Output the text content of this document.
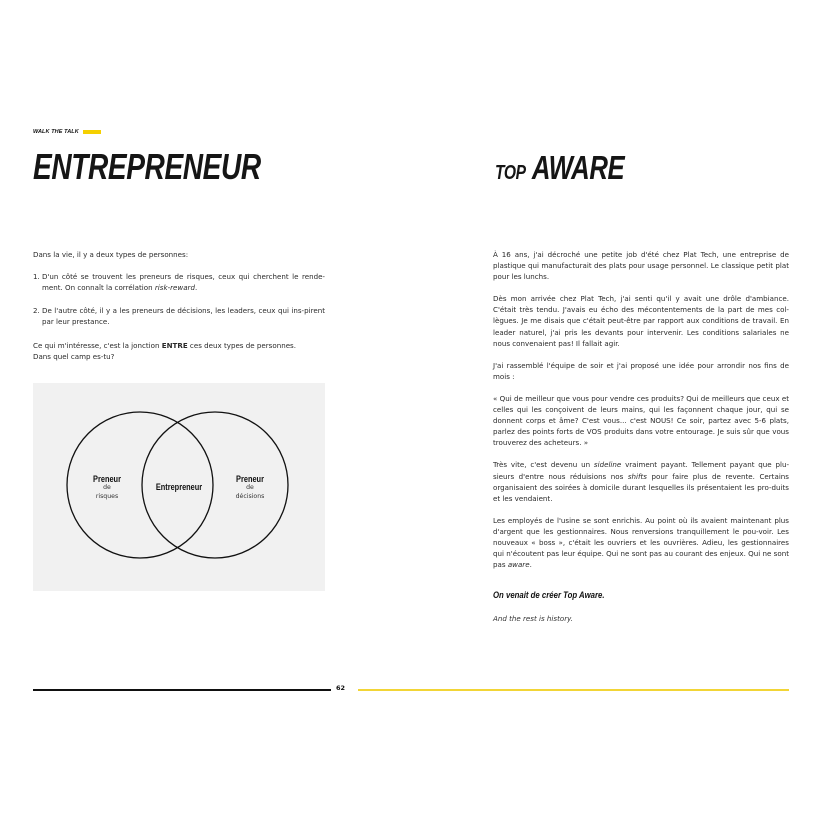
WALK THE TALK
ENTREPRENEUR

Dans la vie, il y a deux types de personnes:

1. D'un côté se trouvent les preneurs de risques, ceux qui cherchent le rende-ment. On connaît la corrélation risk-reward.
2. De l'autre côté, il y a les preneurs de décisions, les leaders, ceux qui ins-pirent par leur prestance.

Ce qui m'intéresse, c'est la jonction ENTRE ces deux types de personnes.

Dans quel camp es-tu?

Preneur
de
risques
Entrepreneur
Preneur
de
décisions
TOP AWARE

À 16 ans, j'ai décroché une petite job d'été chez Plat Tech, une entreprise de plastique qui manufacturait des plats pour usage personnel. Le classique petit plat pour les lunchs.

Dès mon arrivée chez Plat Tech, j'ai senti qu'il y avait une drôle d'ambiance. C'était très tendu. J'avais eu écho des mécontentements de la part de mes col-lègues. Je me disais que c'était peut-être par rapport aux conditions de travail. En leader naturel, j'ai pris les devants pour intervenir. Les conditions salariales ne nous convenaient pas! Il fallait agir.

J'ai rassemblé l'équipe de soir et j'ai proposé une idée pour arrondir nos fins de mois :

« Qui de meilleur que vous pour vendre ces produits? Qui de meilleurs que ceux et celles qui les conçoivent de leurs mains, qui les façonnent chaque jour, qui se donnent corps et âme? C'est vous... c'est NOUS! Ce soir, partez avec 5-6 plats, parlez des points forts de VOS produits dans votre entourage. Je suis sûr que vous trouverez des acheteurs. »

Très vite, c'est devenu un sideline vraiment payant. Tellement payant que plu-sieurs d'entre nous réduisions nos shifts pour faire plus de revente. Certains organisaient des soirées à domicile durant lesquelles ils présentaient les pro-duits et les vendaient.

Les employés de l'usine se sont enrichis. Au point où ils avaient maintenant plus d'argent que les gestionnaires. Nous renversions tranquillement le pou-voir. Les nouveaux « boss », c'était les ouvriers et les ouvrières. Adieu, les gestionnaires qui n'écoutent pas leur équipe. Qui ne sont pas au courant des enjeux. Qui ne sont pas aware.

On venait de créer Top Aware.
And the rest is history.
62
